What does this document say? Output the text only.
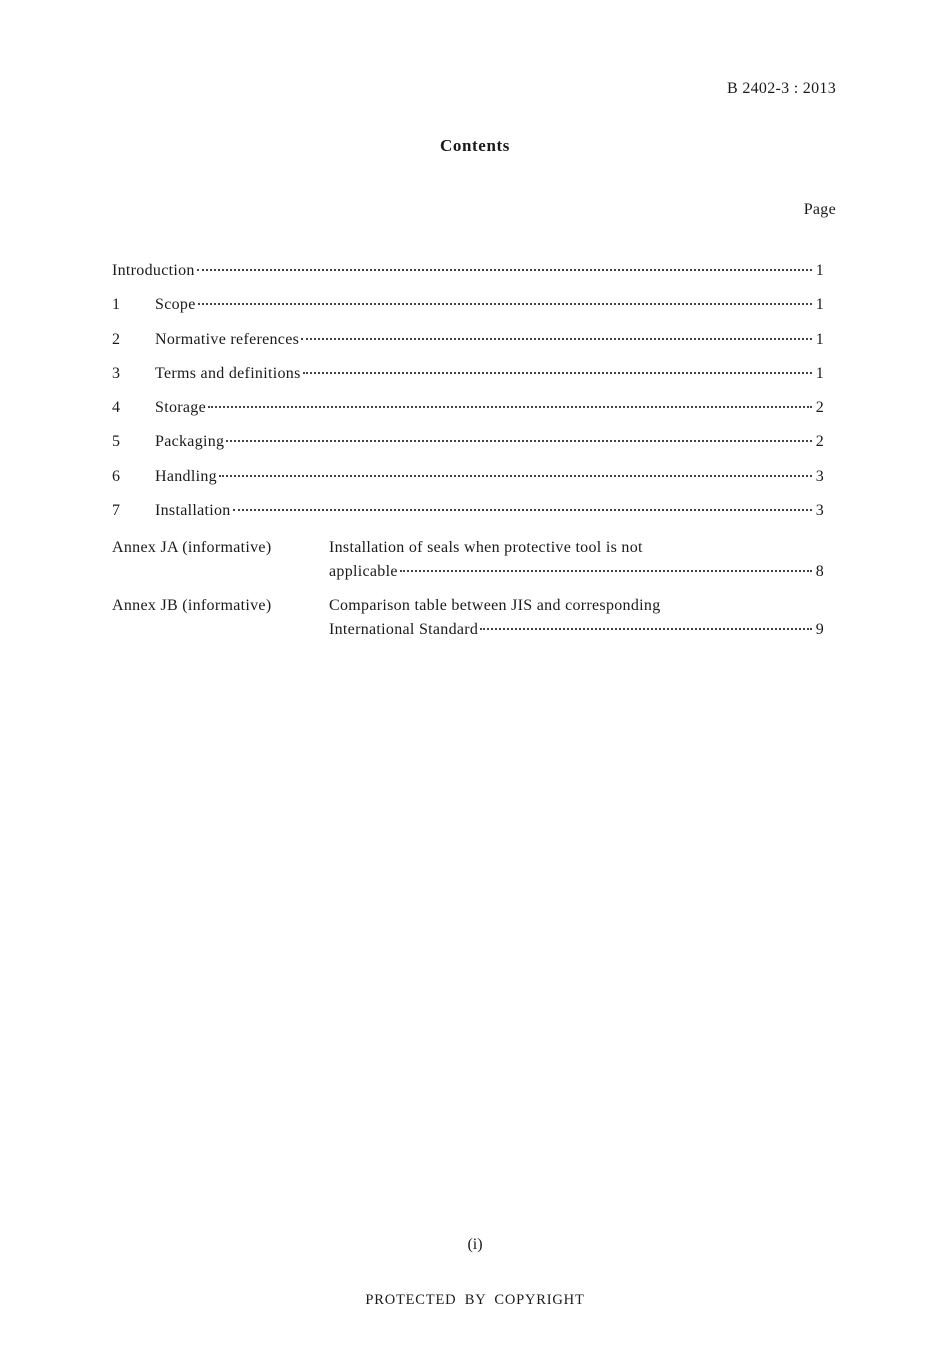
B 2402-3 : 2013
Contents
Page
Introduction	1
1	Scope	1
2	Normative references	1
3	Terms and definitions	1
4	Storage	2
5	Packaging	2
6	Handling	3
7	Installation	3
Annex JA (informative)	Installation of seals when protective tool is not
applicable	8
Annex JB (informative)	Comparison table between JIS and corresponding
International Standard	9
(i)
PROTECTED BY COPYRIGHT
